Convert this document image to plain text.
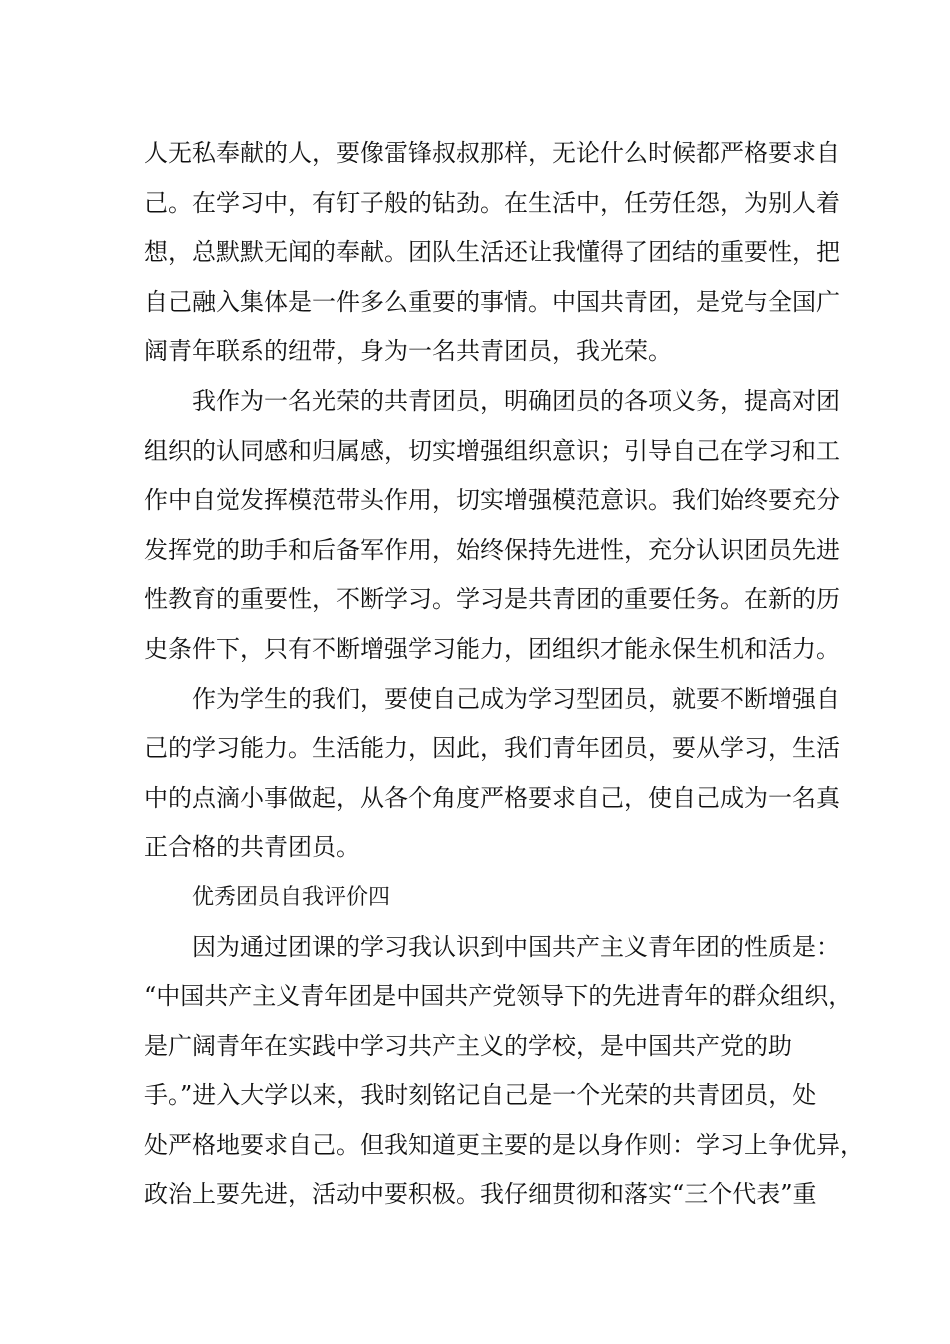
人无私奉献的人，要像雷锋叔叔那样，无论什么时候都严格要求自
己。在学习中，有钉子般的钻劲。在生活中，任劳任怨，为别人着
想，总默默无闻的奉献。团队生活还让我懂得了团结的重要性，把
自己融入集体是一件多么重要的事情。中国共青团，是党与全国广
阔青年联系的纽带，身为一名共青团员，我光荣。
我作为一名光荣的共青团员，明确团员的各项义务，提高对团
组织的认同感和归属感，切实增强组织意识；引导自己在学习和工
作中自觉发挥模范带头作用，切实增强模范意识。我们始终要充分
发挥党的助手和后备军作用，始终保持先进性，充分认识团员先进
性教育的重要性，不断学习。学习是共青团的重要任务。在新的历
史条件下，只有不断增强学习能力，团组织才能永保生机和活力。
作为学生的我们，要使自己成为学习型团员，就要不断增强自
己的学习能力。生活能力，因此，我们青年团员，要从学习，生活
中的点滴小事做起，从各个角度严格要求自己，使自己成为一名真
正合格的共青团员。
优秀团员自我评价四
因为通过团课的学习我认识到中国共产主义青年团的性质是：
“中国共产主义青年团是中国共产党领导下的先进青年的群众组织，
是广阔青年在实践中学习共产主义的学校，是中国共产党的助
手。”进入大学以来，我时刻铭记自己是一个光荣的共青团员，处
处严格地要求自己。但我知道更主要的是以身作则：学习上争优异，
政治上要先进，活动中要积极。我仔细贯彻和落实“三个代表”重
